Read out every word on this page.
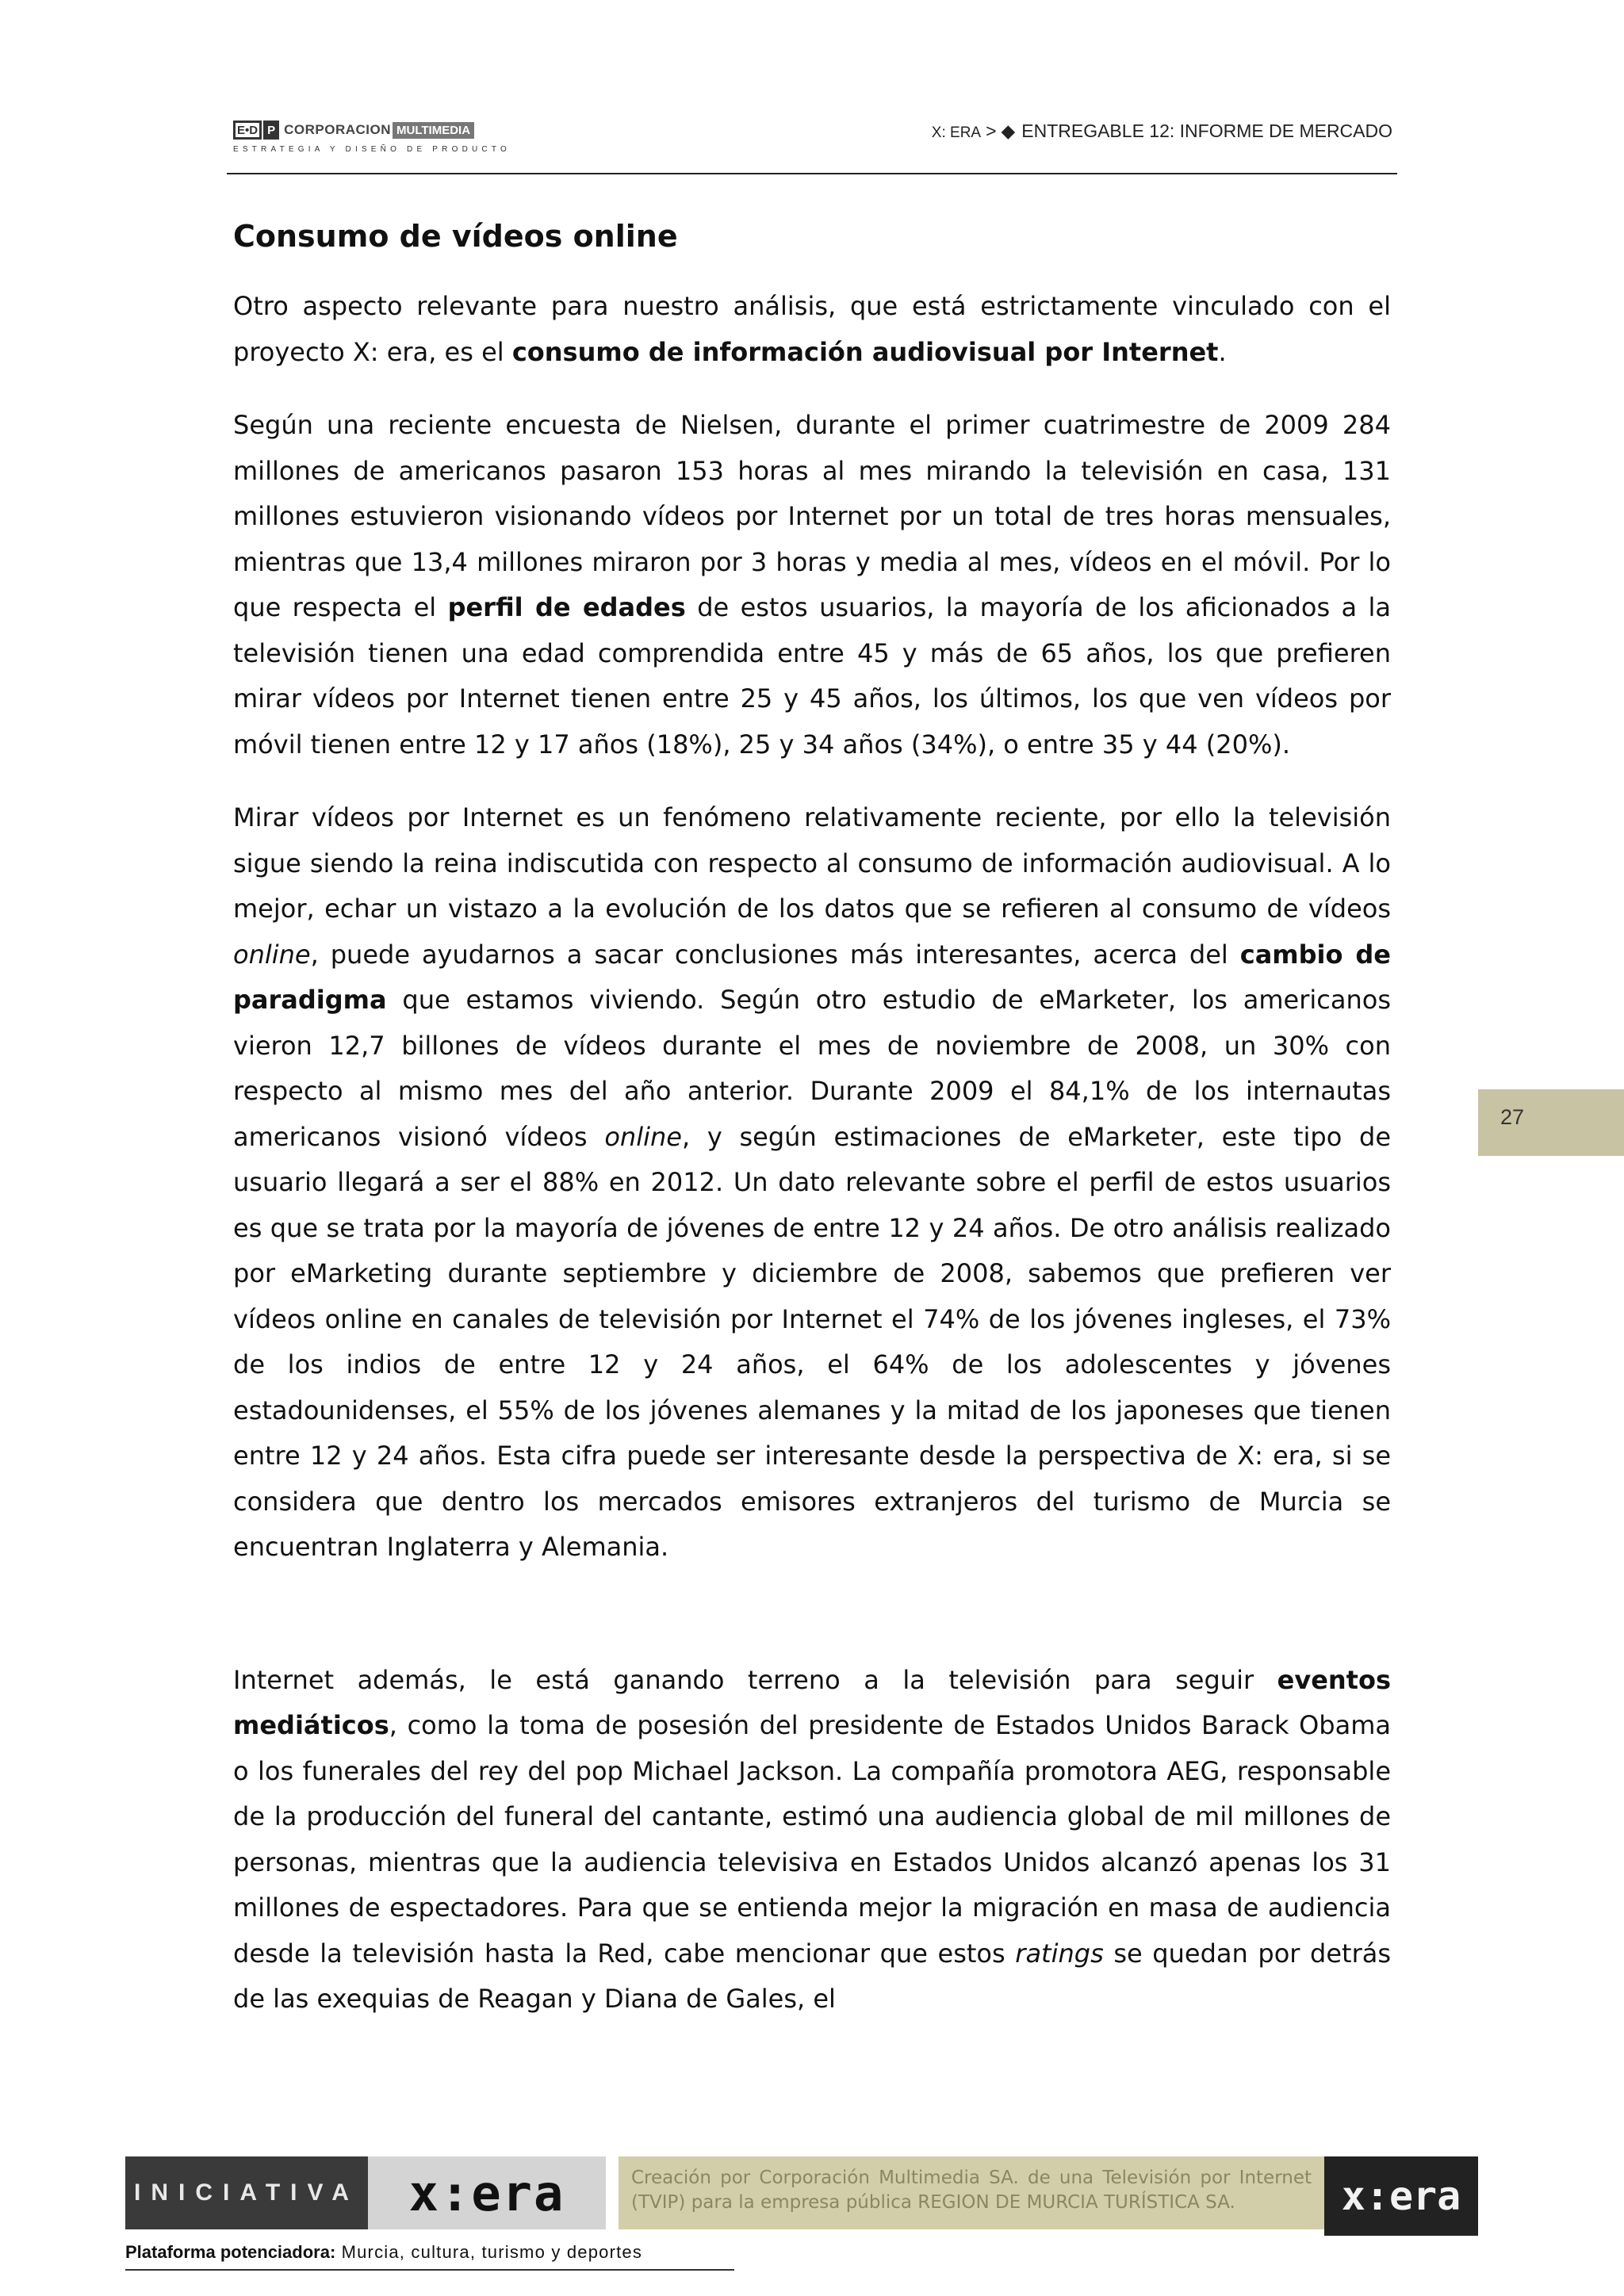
E•D P CORPORACION MULTIMEDIA
ESTRATEGIA Y DISEÑO DE PRODUCTO
X: ERA > ◆ ENTREGABLE 12: INFORME DE MERCADO
27
Consumo de vídeos online

Otro aspecto relevante para nuestro análisis, que está estrictamente vinculado con el proyecto X: era, es el consumo de información audiovisual por Internet.

Según una reciente encuesta de Nielsen, durante el primer cuatrimestre de 2009 284 millones de americanos pasaron 153 horas al mes mirando la televisión en casa, 131 millones estuvieron visionando vídeos por Internet por un total de tres horas mensuales, mientras que 13,4 millones miraron por 3 horas y media al mes, vídeos en el móvil. Por lo que respecta el perfil de edades de estos usuarios, la mayoría de los aficionados a la televisión tienen una edad comprendida entre 45 y más de 65 años, los que prefieren mirar vídeos por Internet tienen entre 25 y 45 años, los últimos, los que ven vídeos por móvil tienen entre 12 y 17 años (18%), 25 y 34 años (34%), o entre 35 y 44 (20%).

Mirar vídeos por Internet es un fenómeno relativamente reciente, por ello la televisión sigue siendo la reina indiscutida con respecto al consumo de información audiovisual. A lo mejor, echar un vistazo a la evolución de los datos que se refieren al consumo de vídeos online, puede ayudarnos a sacar conclusiones más interesantes, acerca del cambio de paradigma que estamos viviendo. Según otro estudio de eMarketer, los americanos vieron 12,7 billones de vídeos durante el mes de noviembre de 2008, un 30% con respecto al mismo mes del año anterior. Durante 2009 el 84,1% de los internautas americanos visionó vídeos online, y según estimaciones de eMarketer, este tipo de usuario llegará a ser el 88% en 2012. Un dato relevante sobre el perfil de estos usuarios es que se trata por la mayoría de jóvenes de entre 12 y 24 años. De otro análisis realizado por eMarketing durante septiembre y diciembre de 2008, sabemos que prefieren ver vídeos online en canales de televisión por Internet el 74% de los jóvenes ingleses, el 73% de los indios de entre 12 y 24 años, el 64% de los adolescentes y jóvenes estadounidenses, el 55% de los jóvenes alemanes y la mitad de los japoneses que tienen entre 12 y 24 años. Esta cifra puede ser interesante desde la perspectiva de X: era, si se considera que dentro los mercados emisores extranjeros del turismo de Murcia se encuentran Inglaterra y Alemania.

Internet además, le está ganando terreno a la televisión para seguir eventos mediáticos, como la toma de posesión del presidente de Estados Unidos Barack Obama o los funerales del rey del pop Michael Jackson. La compañía promotora AEG, responsable de la producción del funeral del cantante, estimó una audiencia global de mil millones de personas, mientras que la audiencia televisiva en Estados Unidos alcanzó apenas los 31 millones de espectadores. Para que se entienda mejor la migración en masa de audiencia desde la televisión hasta la Red, cabe mencionar que estos ratings se quedan por detrás de las exequias de Reagan y Diana de Gales, el

INICIATIVA	x:era	Creación por Corporación Multimedia SA. de una Televisión por Internet (TVIP) para la empresa pública REGION DE MURCIA TURÍSTICA SA.	x:era
Plataforma potenciadora: Murcia, cultura, turismo y deportes
